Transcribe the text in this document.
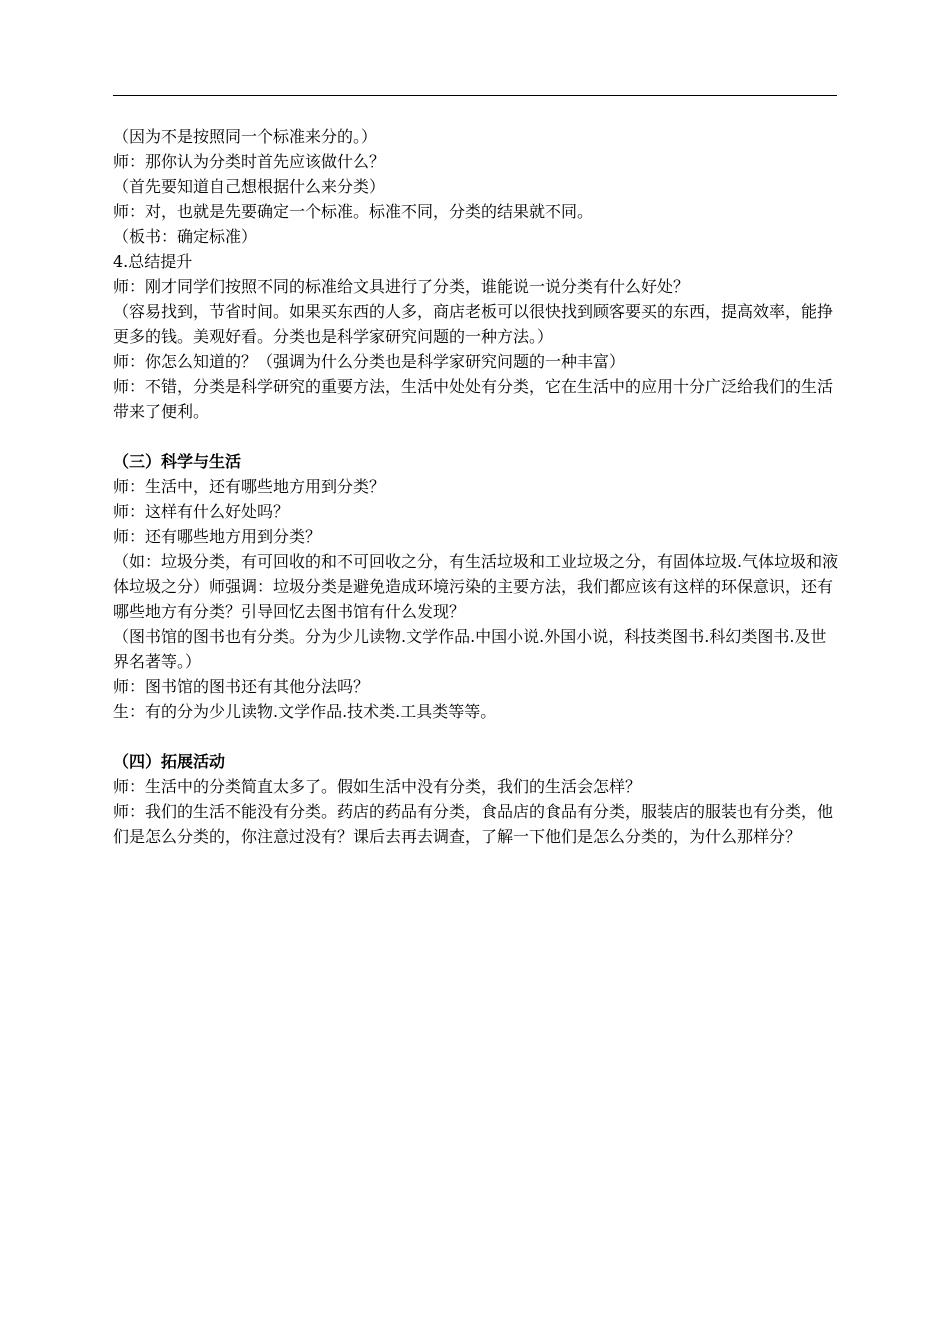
（因为不是按照同一个标准来分的。）

师：那你认为分类时首先应该做什么？

（首先要知道自己想根据什么来分类）

师：对，也就是先要确定一个标准。标准不同，分类的结果就不同。

（板书：确定标准）

4.总结提升

师：刚才同学们按照不同的标准给文具进行了分类，谁能说一说分类有什么好处？

（容易找到，节省时间。如果买东西的人多，商店老板可以很快找到顾客要买的东西，提高效率，能挣更多的钱。美观好看。分类也是科学家研究问题的一种方法。）

师：你怎么知道的？（强调为什么分类也是科学家研究问题的一种丰富）

师：不错，分类是科学研究的重要方法，生活中处处有分类，它在生活中的应用十分广泛给我们的生活带来了便利。

（三）科学与生活

师：生活中，还有哪些地方用到分类？

师：这样有什么好处吗？

师：还有哪些地方用到分类？

（如：垃圾分类，有可回收的和不可回收之分，有生活垃圾和工业垃圾之分，有固体垃圾.气体垃圾和液体垃圾之分）师强调：垃圾分类是避免造成环境污染的主要方法，我们都应该有这样的环保意识，还有哪些地方有分类？引导回忆去图书馆有什么发现？

（图书馆的图书也有分类。分为少儿读物.文学作品.中国小说.外国小说，科技类图书.科幻类图书.及世界名著等。）

师：图书馆的图书还有其他分法吗？

生：有的分为少儿读物.文学作品.技术类.工具类等等。

（四）拓展活动

师：生活中的分类简直太多了。假如生活中没有分类，我们的生活会怎样？

师：我们的生活不能没有分类。药店的药品有分类，食品店的食品有分类，服装店的服装也有分类，他们是怎么分类的，你注意过没有？课后去再去调查，了解一下他们是怎么分类的，为什么那样分？
